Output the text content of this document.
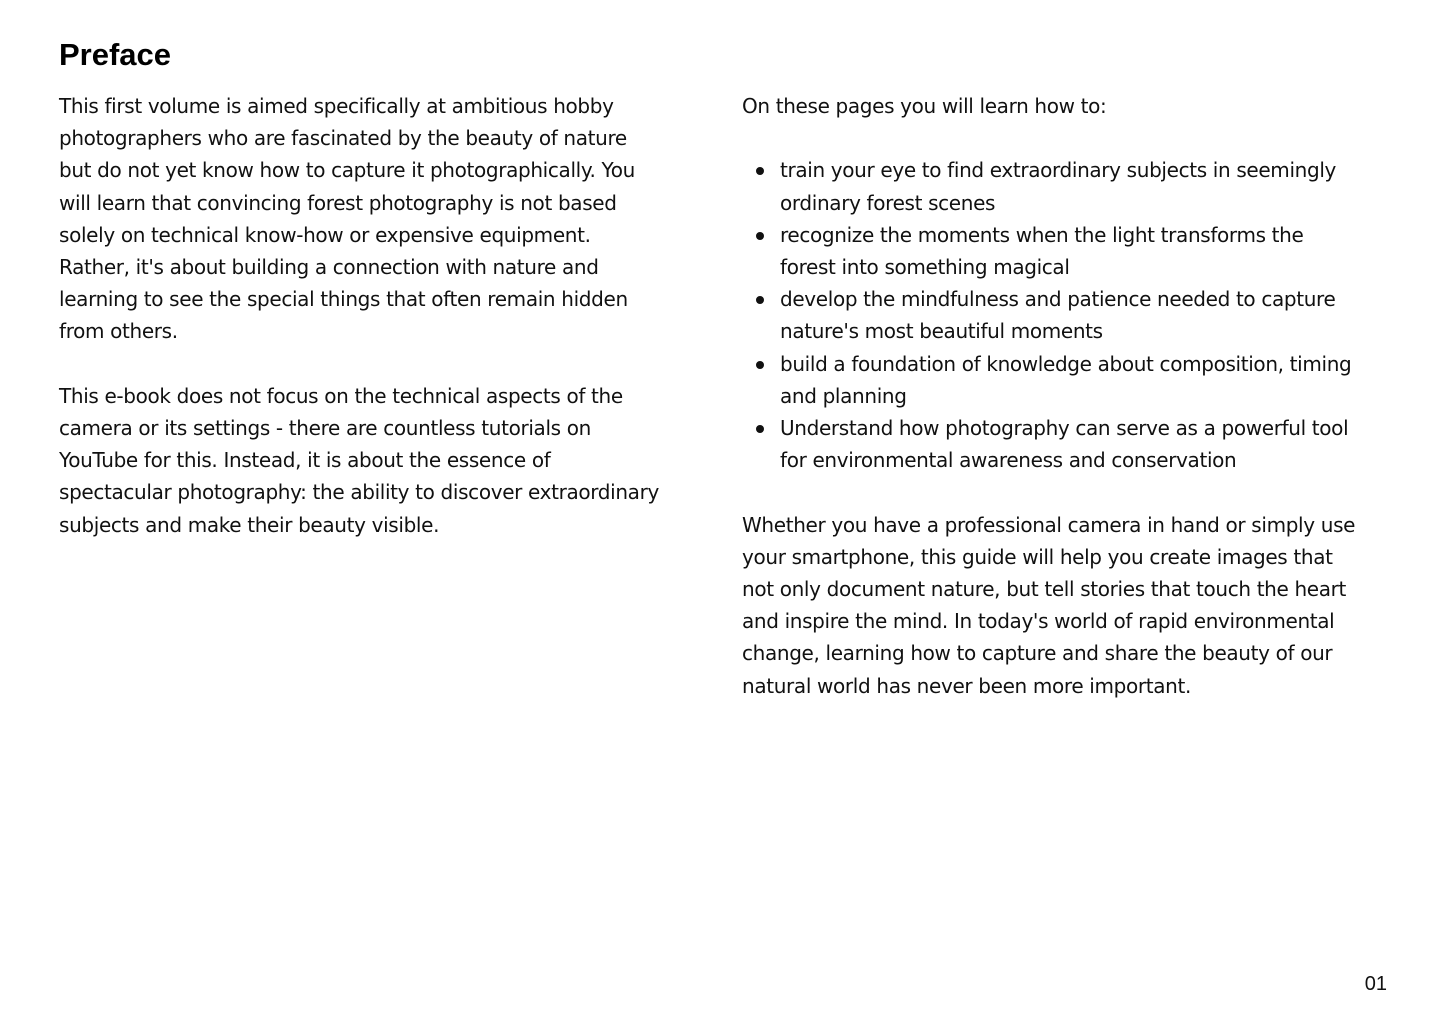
Preface

This first volume is aimed specifically at ambitious hobby photographers who are fascinated by the beauty of nature but do not yet know how to capture it photographically. You will learn that convincing forest photography is not based solely on technical know-how or expensive equipment. Rather, it's about building a connection with nature and learning to see the special things that often remain hidden from others.

This e-book does not focus on the technical aspects of the camera or its settings - there are countless tutorials on YouTube for this. Instead, it is about the essence of spectacular photography: the ability to discover extraordinary subjects and make their beauty visible.

On these pages you will learn how to:

train your eye to find extraordinary subjects in seemingly ordinary forest scenes
recognize the moments when the light transforms the forest into something magical
develop the mindfulness and patience needed to capture nature's most beautiful moments
build a foundation of knowledge about composition, timing and planning
Understand how photography can serve as a powerful tool for environmental awareness and conservation

Whether you have a professional camera in hand or simply use your smartphone, this guide will help you create images that not only document nature, but tell stories that touch the heart and inspire the mind. In today's world of rapid environmental change, learning how to capture and share the beauty of our natural world has never been more important.

01
